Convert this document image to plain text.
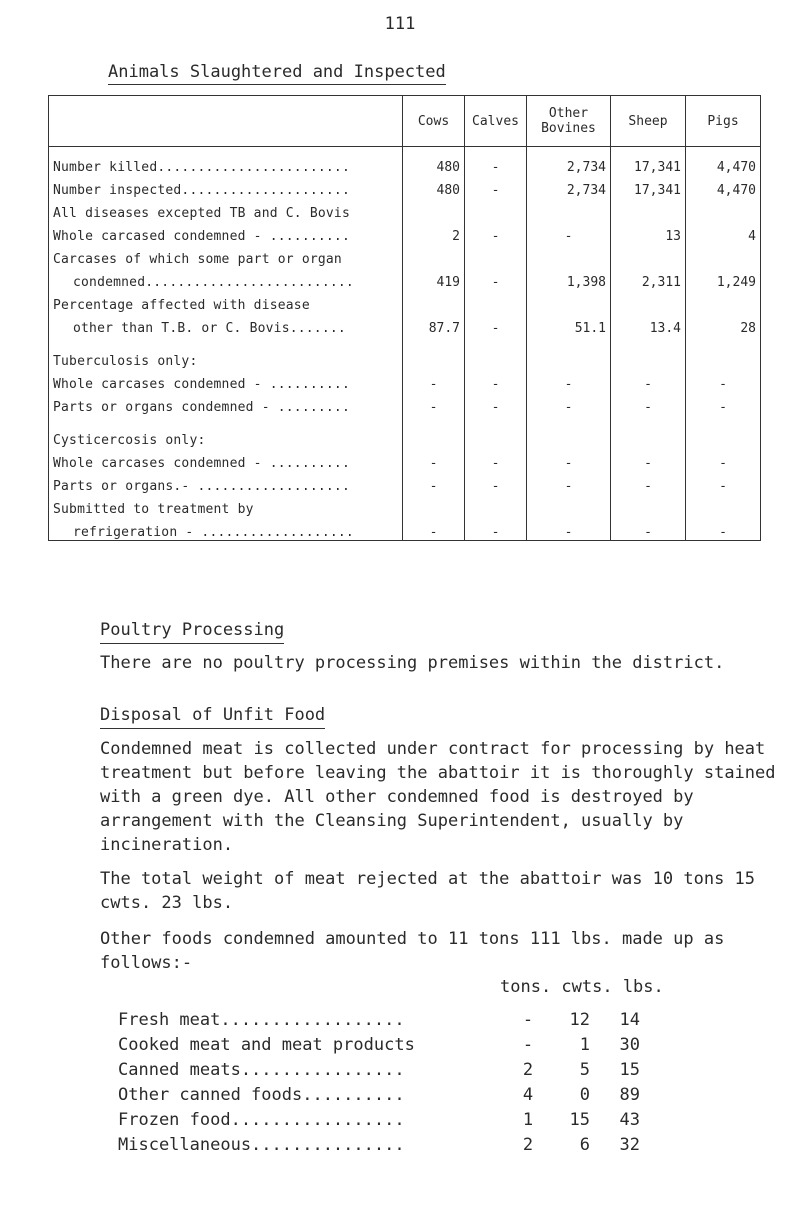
111
Animals Slaughtered and Inspected
	Cows	Calves	Other Bovines	Sheep	Pigs
Number killed........................	480	-	2,734	17,341	4,470
Number inspected.....................	480	-	2,734	17,341	4,470
All diseases excepted TB and C. Bovis					
Whole carcased condemned - ..........	2	-	-	13	4
Carcases of which some part or organ					
condemned..........................	419	-	1,398	2,311	1,249
Percentage affected with disease					
other than T.B. or C. Bovis.......	87.7	-	51.1	13.4	28

Tuberculosis only:					
Whole carcases condemned - ..........	-	-	-	-	-
Parts or organs condemned - .........	-	-	-	-	-

Cysticercosis only:					
Whole carcases condemned - ..........	-	-	-	-	-
Parts or organs.- ...................	-	-	-	-	-
Submitted to treatment by					
refrigeration - ...................	-	-	-	-	-
Poultry Processing

There are no poultry processing premises within the district.

Disposal of Unfit Food

Condemned meat is collected under contract for processing by heat treatment but before leaving the abattoir it is thoroughly stained with a green dye. All other condemned food is destroyed by arrangement with the Cleansing Superintendent, usually by incineration.

The total weight of meat rejected at the abattoir was 10 tons 15 cwts. 23 lbs.

Other foods condemned amounted to 11 tons 111 lbs. made up as follows:-

tons. cwts. lbs.
Fresh meat..................	-	12	14
Cooked meat and meat products	-	1	30
Canned meats................	2	5	15
Other canned foods..........	4	0	89
Frozen food.................	1	15	43
Miscellaneous...............	2	6	32
